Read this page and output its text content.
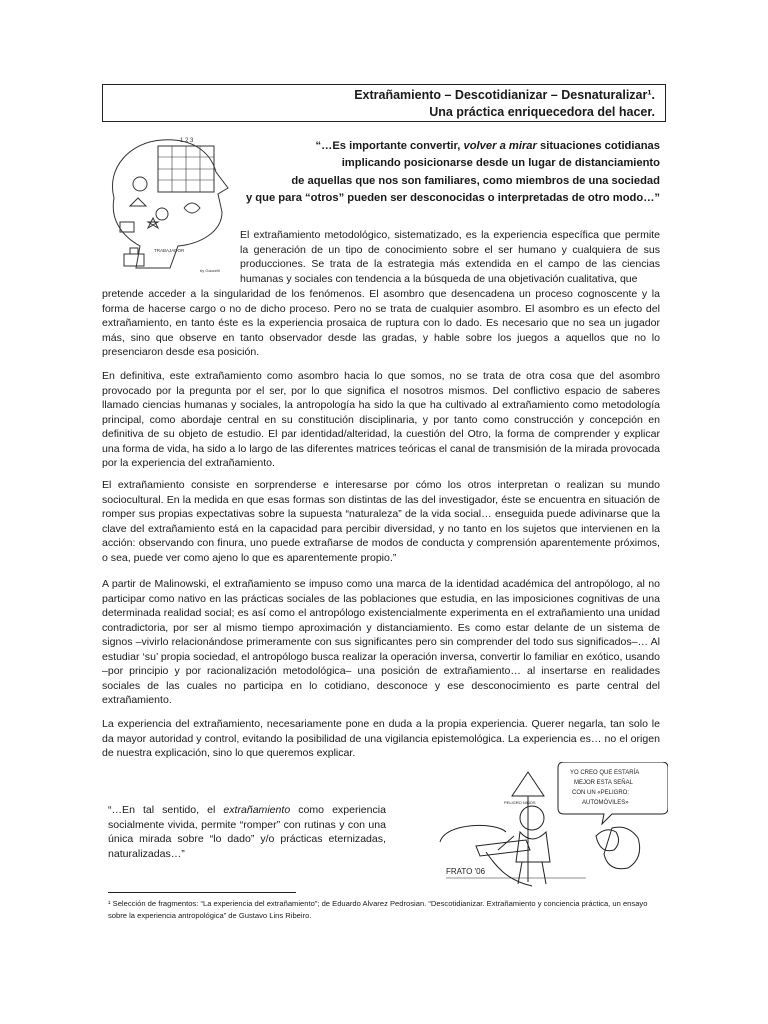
Extrañamiento – Descotidianizar – Desnaturalizar¹.
Una práctica enriquecedora del hacer.
1 2 3
TRABAJADOR
by Gaucelli
“…Es importante convertir, volver a mirar situaciones cotidianas
implicando posicionarse desde un lugar de distanciamiento
de aquellas que nos son familiares, como miembros de una sociedad
y que para “otros” pueden ser desconocidas o interpretadas de otro modo…”

El extrañamiento metodológico, sistematizado, es la experiencia específica que permite la generación de un tipo de conocimiento sobre el ser humano y cualquiera de sus producciones. Se trata de la estrategia más extendida en el campo de las ciencias humanas y sociales con tendencia a la búsqueda de una objetivación cualitativa, que

pretende acceder a la singularidad de los fenómenos. El asombro que desencadena un proceso cognoscente y la forma de hacerse cargo o no de dicho proceso. Pero no se trata de cualquier asombro. El asombro es un efecto del extrañamiento, en tanto éste es la experiencia prosaica de ruptura con lo dado. Es necesario que no sea un jugador más, sino que observe en tanto observador desde las gradas, y hable sobre los juegos a aquellos que no lo presenciaron desde esa posición.

En definitiva, este extrañamiento como asombro hacia lo que somos, no se trata de otra cosa que del asombro provocado por la pregunta por el ser, por lo que significa el nosotros mismos. Del conflictivo espacio de saberes llamado ciencias humanas y sociales, la antropología ha sido la que ha cultivado al extrañamiento como metodología principal, como abordaje central en su constitución disciplinaria, y por tanto como construcción y concepción en definitiva de su objeto de estudio. El par identidad/alteridad, la cuestión del Otro, la forma de comprender y explicar una forma de vida, ha sido a lo largo de las diferentes matrices teóricas el canal de transmisión de la mirada provocada por la experiencia del extrañamiento.

El extrañamiento consiste en sorprenderse e interesarse por cómo los otros interpretan o realizan su mundo sociocultural. En la medida en que esas formas son distintas de las del investigador, éste se encuentra en situación de romper sus propias expectativas sobre la supuesta “naturaleza” de la vida social… enseguida puede adivinarse que la clave del extrañamiento está en la capacidad para percibir diversidad, y no tanto en los sujetos que intervienen en la acción: observando con finura, uno puede extrañarse de modos de conducta y comprensión aparentemente próximos, o sea, puede ver como ajeno lo que es aparentemente propio.”

A partir de Malinowski, el extrañamiento se impuso como una marca de la identidad académica del antropólogo, al no participar como nativo en las prácticas sociales de las poblaciones que estudia, en las imposiciones cognitivas de una determinada realidad social; es así como el antropólogo existencialmente experimenta en el extrañamiento una unidad contradictoria, por ser al mismo tiempo aproximación y distanciamiento. Es como estar delante de un sistema de signos –vivirlo relacionándose primeramente con sus significantes pero sin comprender del todo sus significados–… Al estudiar ‘su’ propia sociedad, el antropólogo busca realizar la operación inversa, convertir lo familiar en exótico, usando –por principio y por racionalización metodológica– una posición de extrañamiento… al insertarse en realidades sociales de las cuales no participa en lo cotidiano, desconoce y ese desconocimiento es parte central del extrañamiento.

La experiencia del extrañamiento, necesariamente pone en duda a la propia experiencia. Querer negarla, tan solo le da mayor autoridad y control, evitando la posibilidad de una vigilancia epistemológica. La experiencia es… no el origen de nuestra explicación, sino lo que queremos explicar.

“…En tal sentido, el extrañamiento como experiencia socialmente vivida, permite “romper” con rutinas y con una única mirada sobre “lo dado” y/o prácticas eternizadas, naturalizadas…”
PELIGRO NIÑOS
YO CREO QUE ESTARÍA
MEJOR ESTA SEÑAL
CON UN «PELIGRO:
AUTOMÓVILES»
FRATO '06
¹ Selección de fragmentos: “La experiencia del extrañamiento”; de Eduardo Alvarez Pedrosian. “Descotidianizar. Extrañamiento y conciencia práctica, un ensayo sobre la experiencia antropológica” de Gustavo Lins Ribeiro.
